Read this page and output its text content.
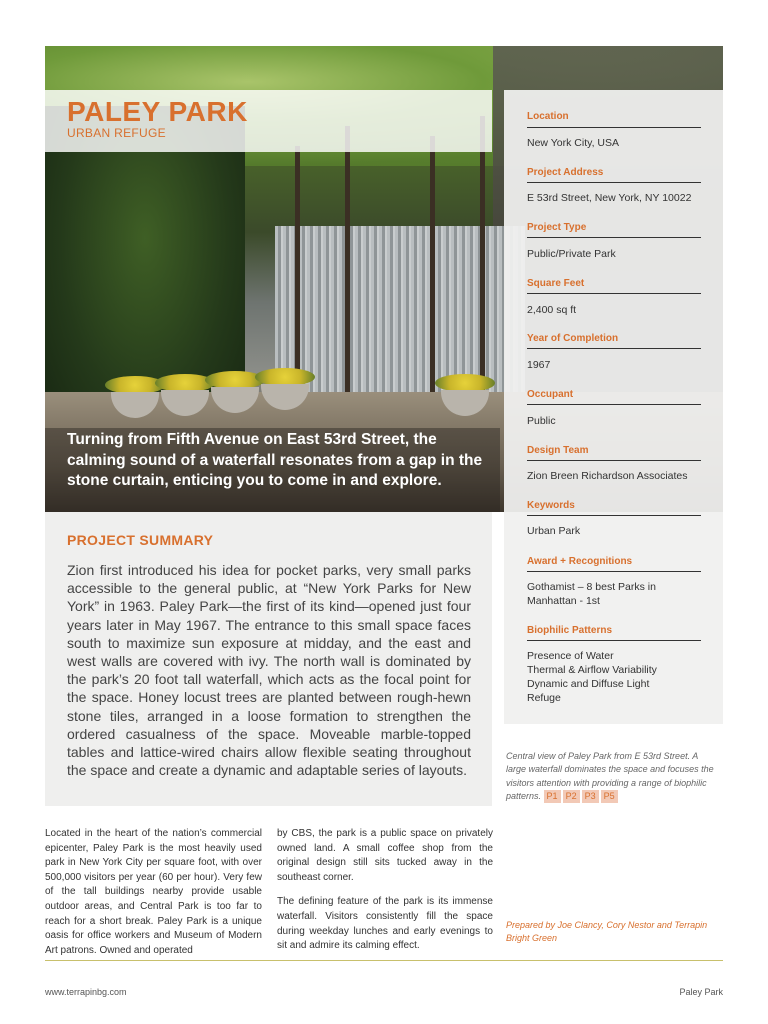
PALEY PARK
URBAN REFUGE
Turning from Fifth Avenue on East 53rd Street, the calming sound of a waterfall resonates from a gap in the stone curtain, enticing you to come in and explore.
Location
New York City, USA
Project Address
E 53rd Street, New York, NY 10022
Project Type
Public/Private Park
Square Feet
2,400 sq ft
Year of Completion
1967
Occupant
Public
Design Team
Zion Breen Richardson Associates
Keywords
Urban Park
Award + Recognitions
Gothamist – 8 best Parks in Manhattan - 1st
Biophilic Patterns
Presence of Water
Thermal & Airflow Variability
Dynamic and Diffuse Light
Refuge
PROJECT SUMMARY
Zion first introduced his idea for pocket parks, very small parks accessible to the general public, at “New York Parks for New York” in 1963. Paley Park—the first of its kind—opened just four years later in May 1967. The entrance to this small space faces south to maximize sun exposure at midday, and the east and west walls are covered with ivy. The north wall is dominated by the park’s 20 foot tall waterfall, which acts as the focal point for the space. Honey locust trees are planted between rough-hewn stone tiles, arranged in a loose formation to strengthen the ordered casualness of the space. Moveable marble-topped tables and lattice-wired chairs allow flexible seating throughout the space and create a dynamic and adaptable series of layouts.
Central view of Paley Park from E 53rd Street. A large waterfall dominates the space and focuses the visitors attention with providing a range of biophilic patterns. P1 P2 P3 P5

Located in the heart of the nation’s commercial epicenter, Paley Park is the most heavily used park in New York City per square foot, with over 500,000 visitors per year (60 per hour). Very few of the tall buildings nearby provide usable outdoor areas, and Central Park is too far to reach for a short break. Paley Park is a unique oasis for office workers and Museum of Modern Art patrons. Owned and operated

by CBS, the park is a public space on privately owned land. A small coffee shop from the original design still sits tucked away in the southeast corner.

The defining feature of the park is its immense waterfall. Visitors consistently fill the space during weekday lunches and early evenings to sit and admire its calming effect.

Prepared by Joe Clancy, Cory Nestor and Terrapin Bright Green
www.terrapinbg.com	Paley Park
